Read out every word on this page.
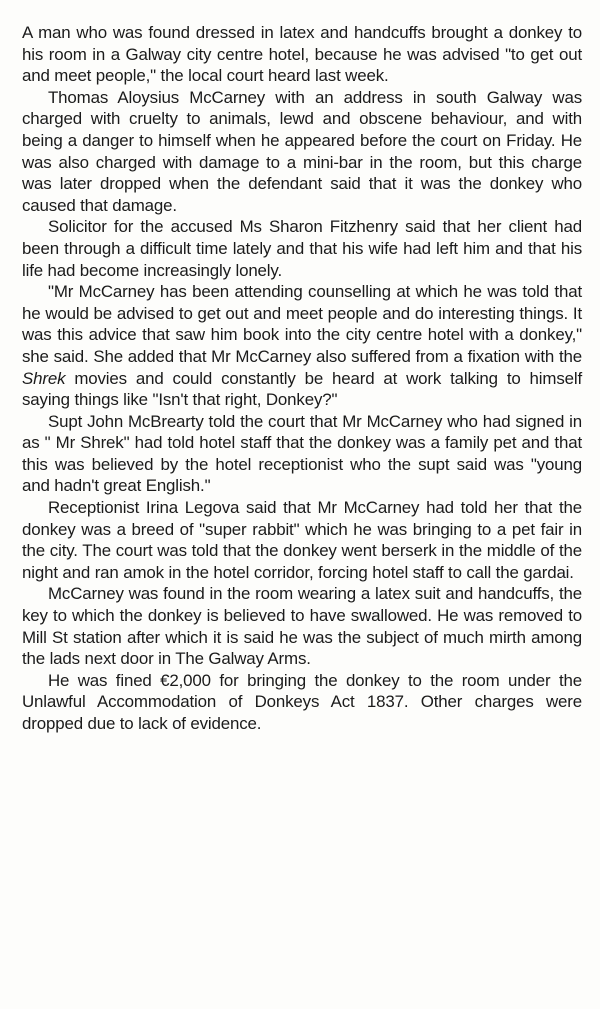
A man who was found dressed in latex and handcuffs brought a donkey to his room in a Galway city centre hotel, because he was advised "to get out and meet people," the local court heard last week.

Thomas Aloysius McCarney with an address in south Galway was charged with cruelty to animals, lewd and obscene behaviour, and with being a danger to himself when he appeared before the court on Friday. He was also charged with damage to a mini-bar in the room, but this charge was later dropped when the defendant said that it was the donkey who caused that damage.

Solicitor for the accused Ms Sharon Fitzhenry said that her client had been through a difficult time lately and that his wife had left him and that his life had become increasingly lonely.

"Mr McCarney has been attending counselling at which he was told that he would be advised to get out and meet people and do interesting things. It was this advice that saw him book into the city centre hotel with a donkey," she said. She added that Mr McCarney also suffered from a fixation with the Shrek movies and could constantly be heard at work talking to himself saying things like "Isn't that right, Donkey?"

Supt John McBrearty told the court that Mr McCarney who had signed in as " Mr Shrek" had told hotel staff that the donkey was a family pet and that this was believed by the hotel receptionist who the supt said was "young and hadn't great English."

Receptionist Irina Legova said that Mr McCarney had told her that the donkey was a breed of "super rabbit" which he was bringing to a pet fair in the city. The court was told that the donkey went berserk in the middle of the night and ran amok in the hotel corridor, forcing hotel staff to call the gardai.

McCarney was found in the room wearing a latex suit and handcuffs, the key to which the donkey is believed to have swallowed. He was removed to Mill St station after which it is said he was the subject of much mirth among the lads next door in The Galway Arms.

He was fined €2,000 for bringing the donkey to the room under the Unlawful Accommodation of Donkeys Act 1837. Other charges were dropped due to lack of evidence.
